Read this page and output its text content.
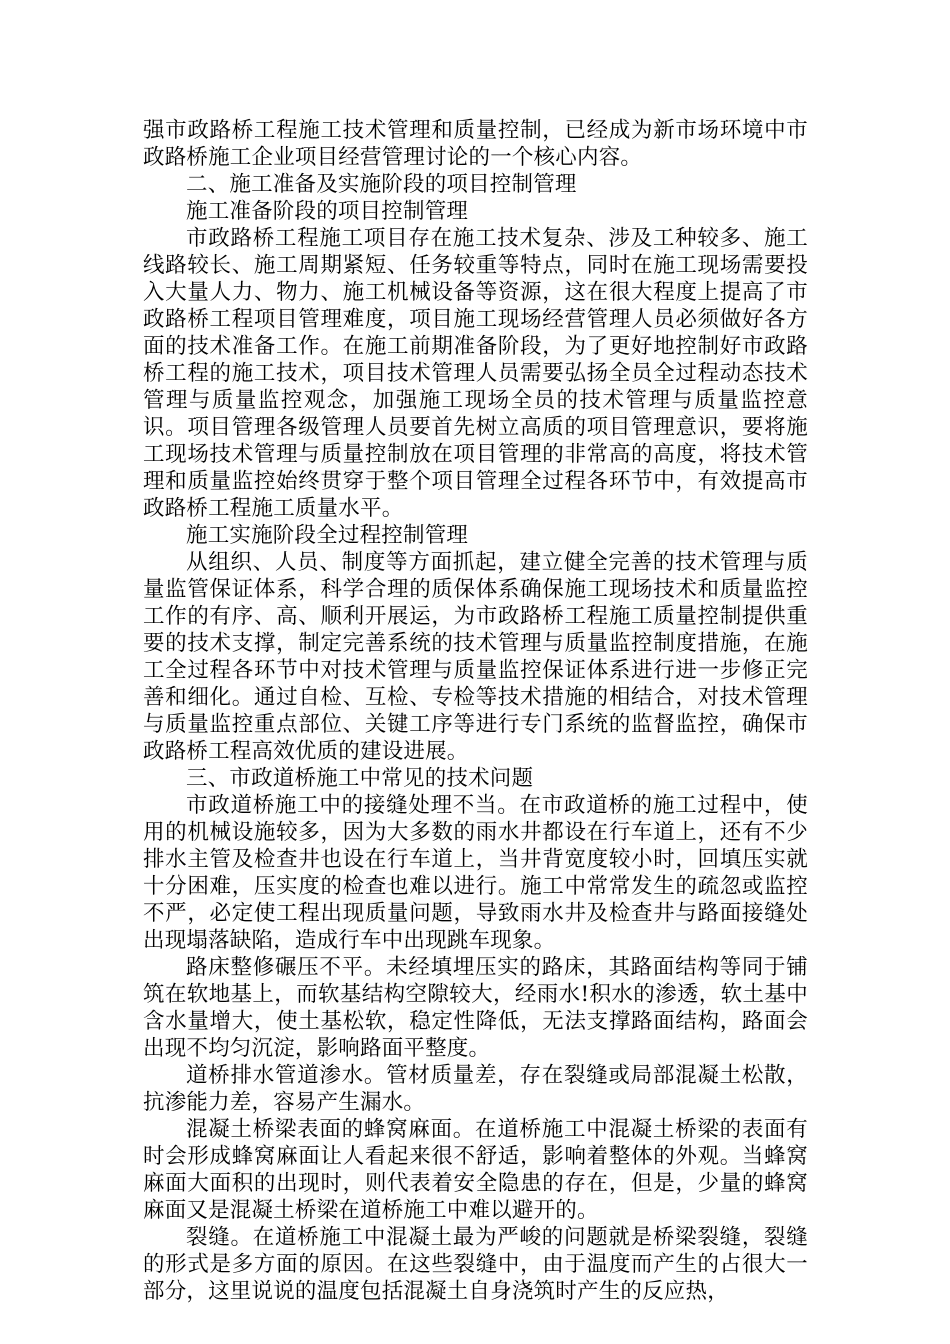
强市政路桥工程施工技术管理和质量控制，已经成为新市场环境中市政路桥施工企业项目经营管理讨论的一个核心内容。

二、施工准备及实施阶段的项目控制管理

施工准备阶段的项目控制管理

市政路桥工程施工项目存在施工技术复杂、涉及工种较多、施工线路较长、施工周期紧短、任务较重等特点，同时在施工现场需要投入大量人力、物力、施工机械设备等资源，这在很大程度上提高了市政路桥工程项目管理难度，项目施工现场经营管理人员必须做好各方面的技术准备工作。在施工前期准备阶段，为了更好地控制好市政路桥工程的施工技术，项目技术管理人员需要弘扬全员全过程动态技术管理与质量监控观念，加强施工现场全员的技术管理与质量监控意识。项目管理各级管理人员要首先树立高质的项目管理意识，要将施工现场技术管理与质量控制放在项目管理的非常高的高度，将技术管理和质量监控始终贯穿于整个项目管理全过程各环节中，有效提高市政路桥工程施工质量水平。

施工实施阶段全过程控制管理

从组织、人员、制度等方面抓起，建立健全完善的技术管理与质量监管保证体系，科学合理的质保体系确保施工现场技术和质量监控工作的有序、高、顺利开展运，为市政路桥工程施工质量控制提供重要的技术支撑，制定完善系统的技术管理与质量监控制度措施，在施工全过程各环节中对技术管理与质量监控保证体系进行进一步修正完善和细化。通过自检、互检、专检等技术措施的相结合，对技术管理与质量监控重点部位、关键工序等进行专门系统的监督监控，确保市政路桥工程高效优质的建设进展。

三、市政道桥施工中常见的技术问题

市政道桥施工中的接缝处理不当。在市政道桥的施工过程中，使用的机械设施较多，因为大多数的雨水井都设在行车道上，还有不少排水主管及检查井也设在行车道上，当井背宽度较小时，回填压实就十分困难，压实度的检查也难以进行。施工中常常发生的疏忽或监控不严，必定使工程出现质量问题，导致雨水井及检查井与路面接缝处出现塌落缺陷，造成行车中出现跳车现象。

路床整修碾压不平。未经填埋压实的路床，其路面结构等同于铺筑在软地基上，而软基结构空隙较大，经雨水!积水的渗透，软土基中含水量增大，使土基松软，稳定性降低，无法支撑路面结构，路面会出现不均匀沉淀，影响路面平整度。

道桥排水管道渗水。管材质量差，存在裂缝或局部混凝土松散，抗渗能力差，容易产生漏水。

混凝土桥梁表面的蜂窝麻面。在道桥施工中混凝土桥梁的表面有时会形成蜂窝麻面让人看起来很不舒适，影响着整体的外观。当蜂窝麻面大面积的出现时，则代表着安全隐患的存在，但是，少量的蜂窝麻面又是混凝土桥梁在道桥施工中难以避开的。

裂缝。在道桥施工中混凝土最为严峻的问题就是桥梁裂缝，裂缝的形式是多方面的原因。在这些裂缝中，由于温度而产生的占很大一部分，这里说说的温度包括混凝土自身浇筑时产生的反应热，
